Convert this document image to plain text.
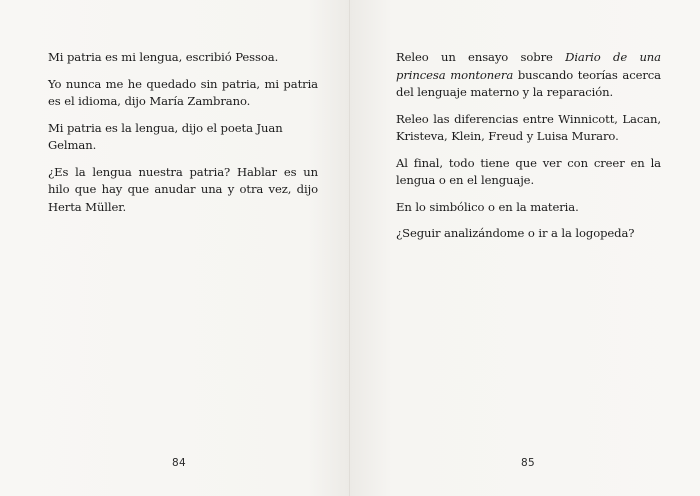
Mi patria es mi lengua, escribió Pessoa.

Yo nunca me he quedado sin patria, mi patria es el idioma, dijo María Zambrano.

Mi patria es la lengua, dijo el poeta Juan Gelman.

¿Es la lengua nuestra patria? Hablar es un hilo que hay que anudar una y otra vez, dijo Herta Müller.

84

Releo un ensayo sobre Diario de una princesa montonera buscando teorías acerca del lenguaje materno y la reparación.

Releo las diferencias entre Winnicott, Lacan, Kristeva, Klein, Freud y Luisa Muraro.

Al final, todo tiene que ver con creer en la lengua o en el lenguaje.

En lo simbólico o en la materia.

¿Seguir analizándome o ir a la logopeda?

85
